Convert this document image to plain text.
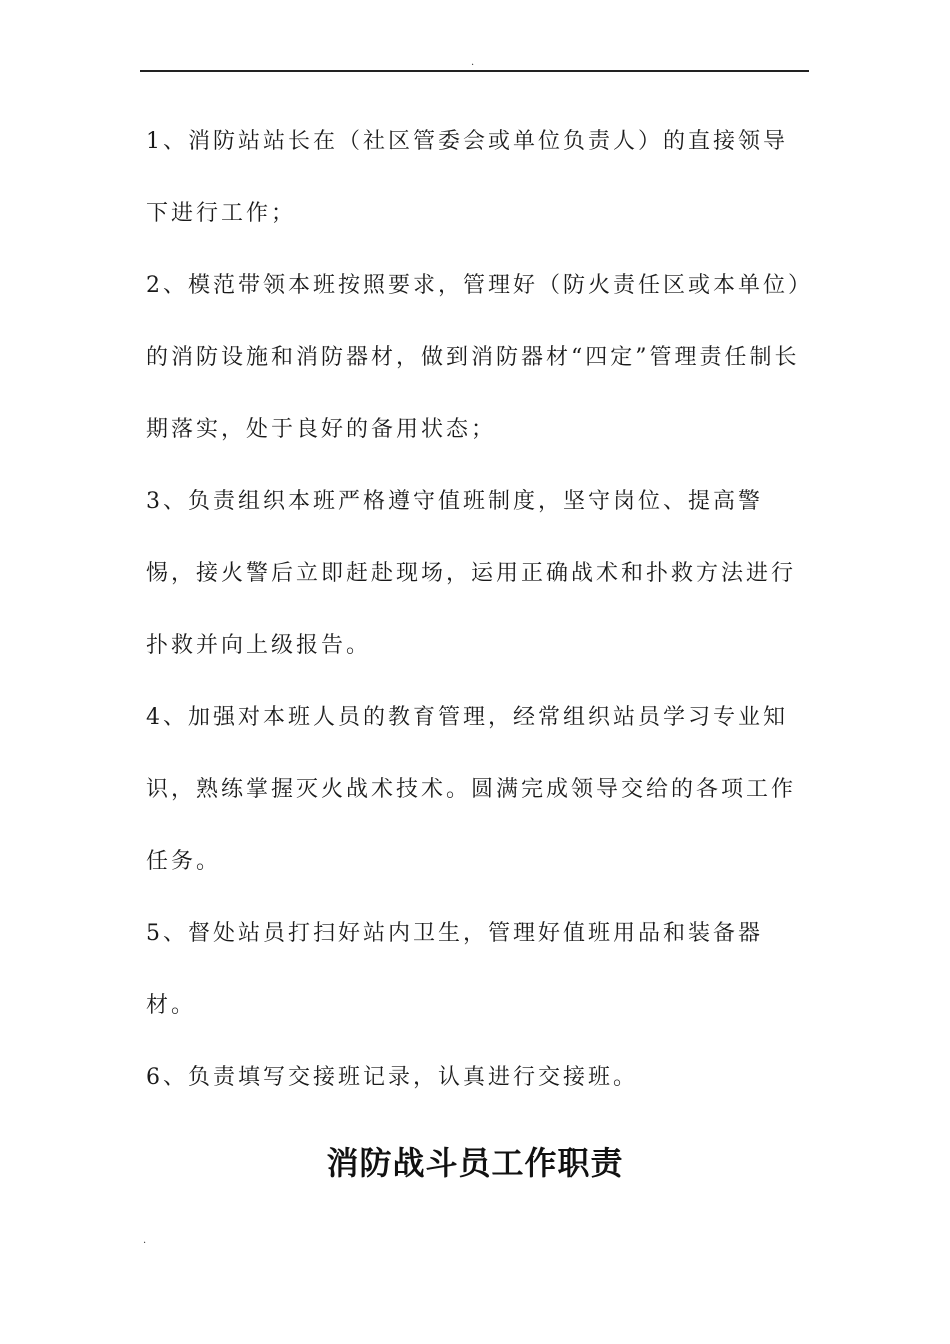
.

1、消防站站长在（社区管委会或单位负责人）的直接领导下进行工作；

2、模范带领本班按照要求，管理好（防火责任区或本单位）的消防设施和消防器材，做到消防器材“四定”管理责任制长期落实，处于良好的备用状态；

3、负责组织本班严格遵守值班制度，坚守岗位、提高警惕，接火警后立即赶赴现场，运用正确战术和扑救方法进行扑救并向上级报告。

4、加强对本班人员的教育管理，经常组织站员学习专业知识，熟练掌握灭火战术技术。圆满完成领导交给的各项工作任务。

5、督处站员打扫好站内卫生，管理好值班用品和装备器材。

6、负责填写交接班记录，认真进行交接班。

消防战斗员工作职责
.
